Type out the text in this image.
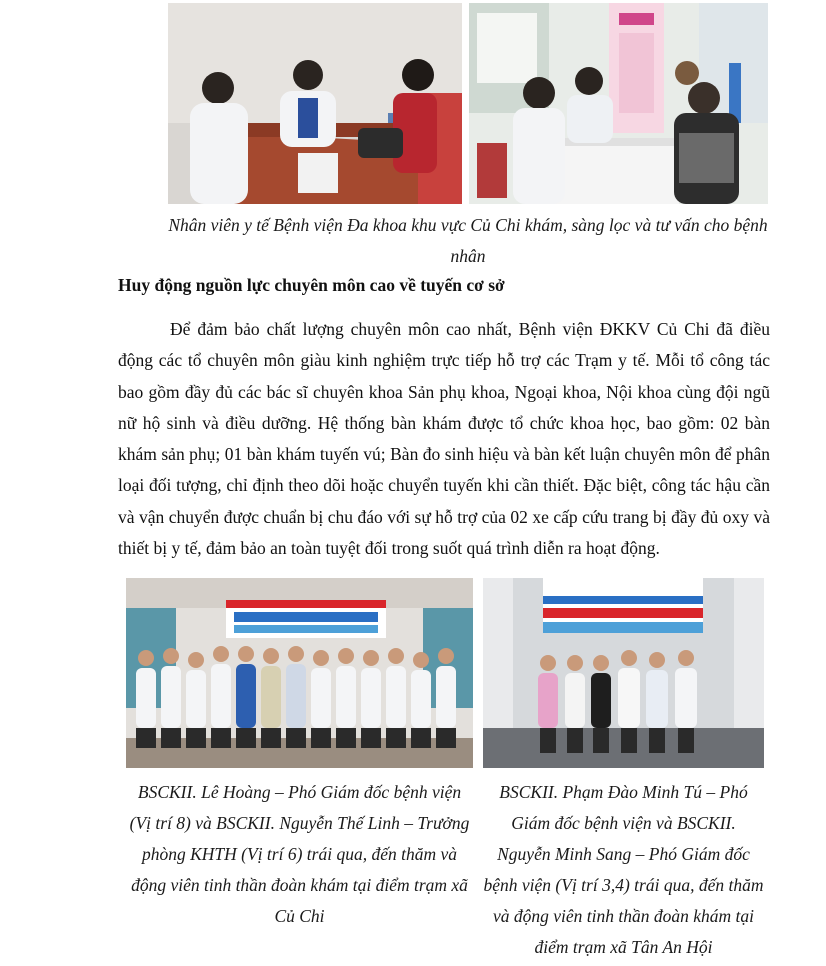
Nhân viên y tế Bệnh viện Đa khoa khu vực Củ Chi khám, sàng lọc và tư vấn cho bệnh nhân
Huy động nguồn lực chuyên môn cao về tuyến cơ sở
Để đảm bảo chất lượng chuyên môn cao nhất, Bệnh viện ĐKKV Củ Chi đã điều động các tổ chuyên môn giàu kinh nghiệm trực tiếp hỗ trợ các Trạm y tế. Mỗi tổ công tác bao gồm đầy đủ các bác sĩ chuyên khoa Sản phụ khoa, Ngoại khoa, Nội khoa cùng đội ngũ nữ hộ sinh và điều dưỡng. Hệ thống bàn khám được tổ chức khoa học, bao gồm: 02 bàn khám sản phụ; 01 bàn khám tuyến vú; Bàn đo sinh hiệu và bàn kết luận chuyên môn để phân loại đối tượng, chỉ định theo dõi hoặc chuyển tuyến khi cần thiết. Đặc biệt, công tác hậu cần và vận chuyển được chuẩn bị chu đáo với sự hỗ trợ của 02 xe cấp cứu trang bị đầy đủ oxy và thiết bị y tế, đảm bảo an toàn tuyệt đối trong suốt quá trình diễn ra hoạt động.
BSCKII. Lê Hoàng – Phó Giám đốc bệnh viện (Vị trí 8) và BSCKII. Nguyễn Thế Linh – Trưởng phòng KHTH (Vị trí 6) trái qua, đến thăm và động viên tinh thần đoàn khám tại điểm trạm xã Củ Chi
BSCKII. Phạm Đào Minh Tú – Phó Giám đốc bệnh viện và BSCKII. Nguyễn Minh Sang – Phó Giám đốc bệnh viện (Vị trí 3,4) trái qua, đến thăm và động viên tinh thần đoàn khám tại điểm trạm xã Tân An Hội
